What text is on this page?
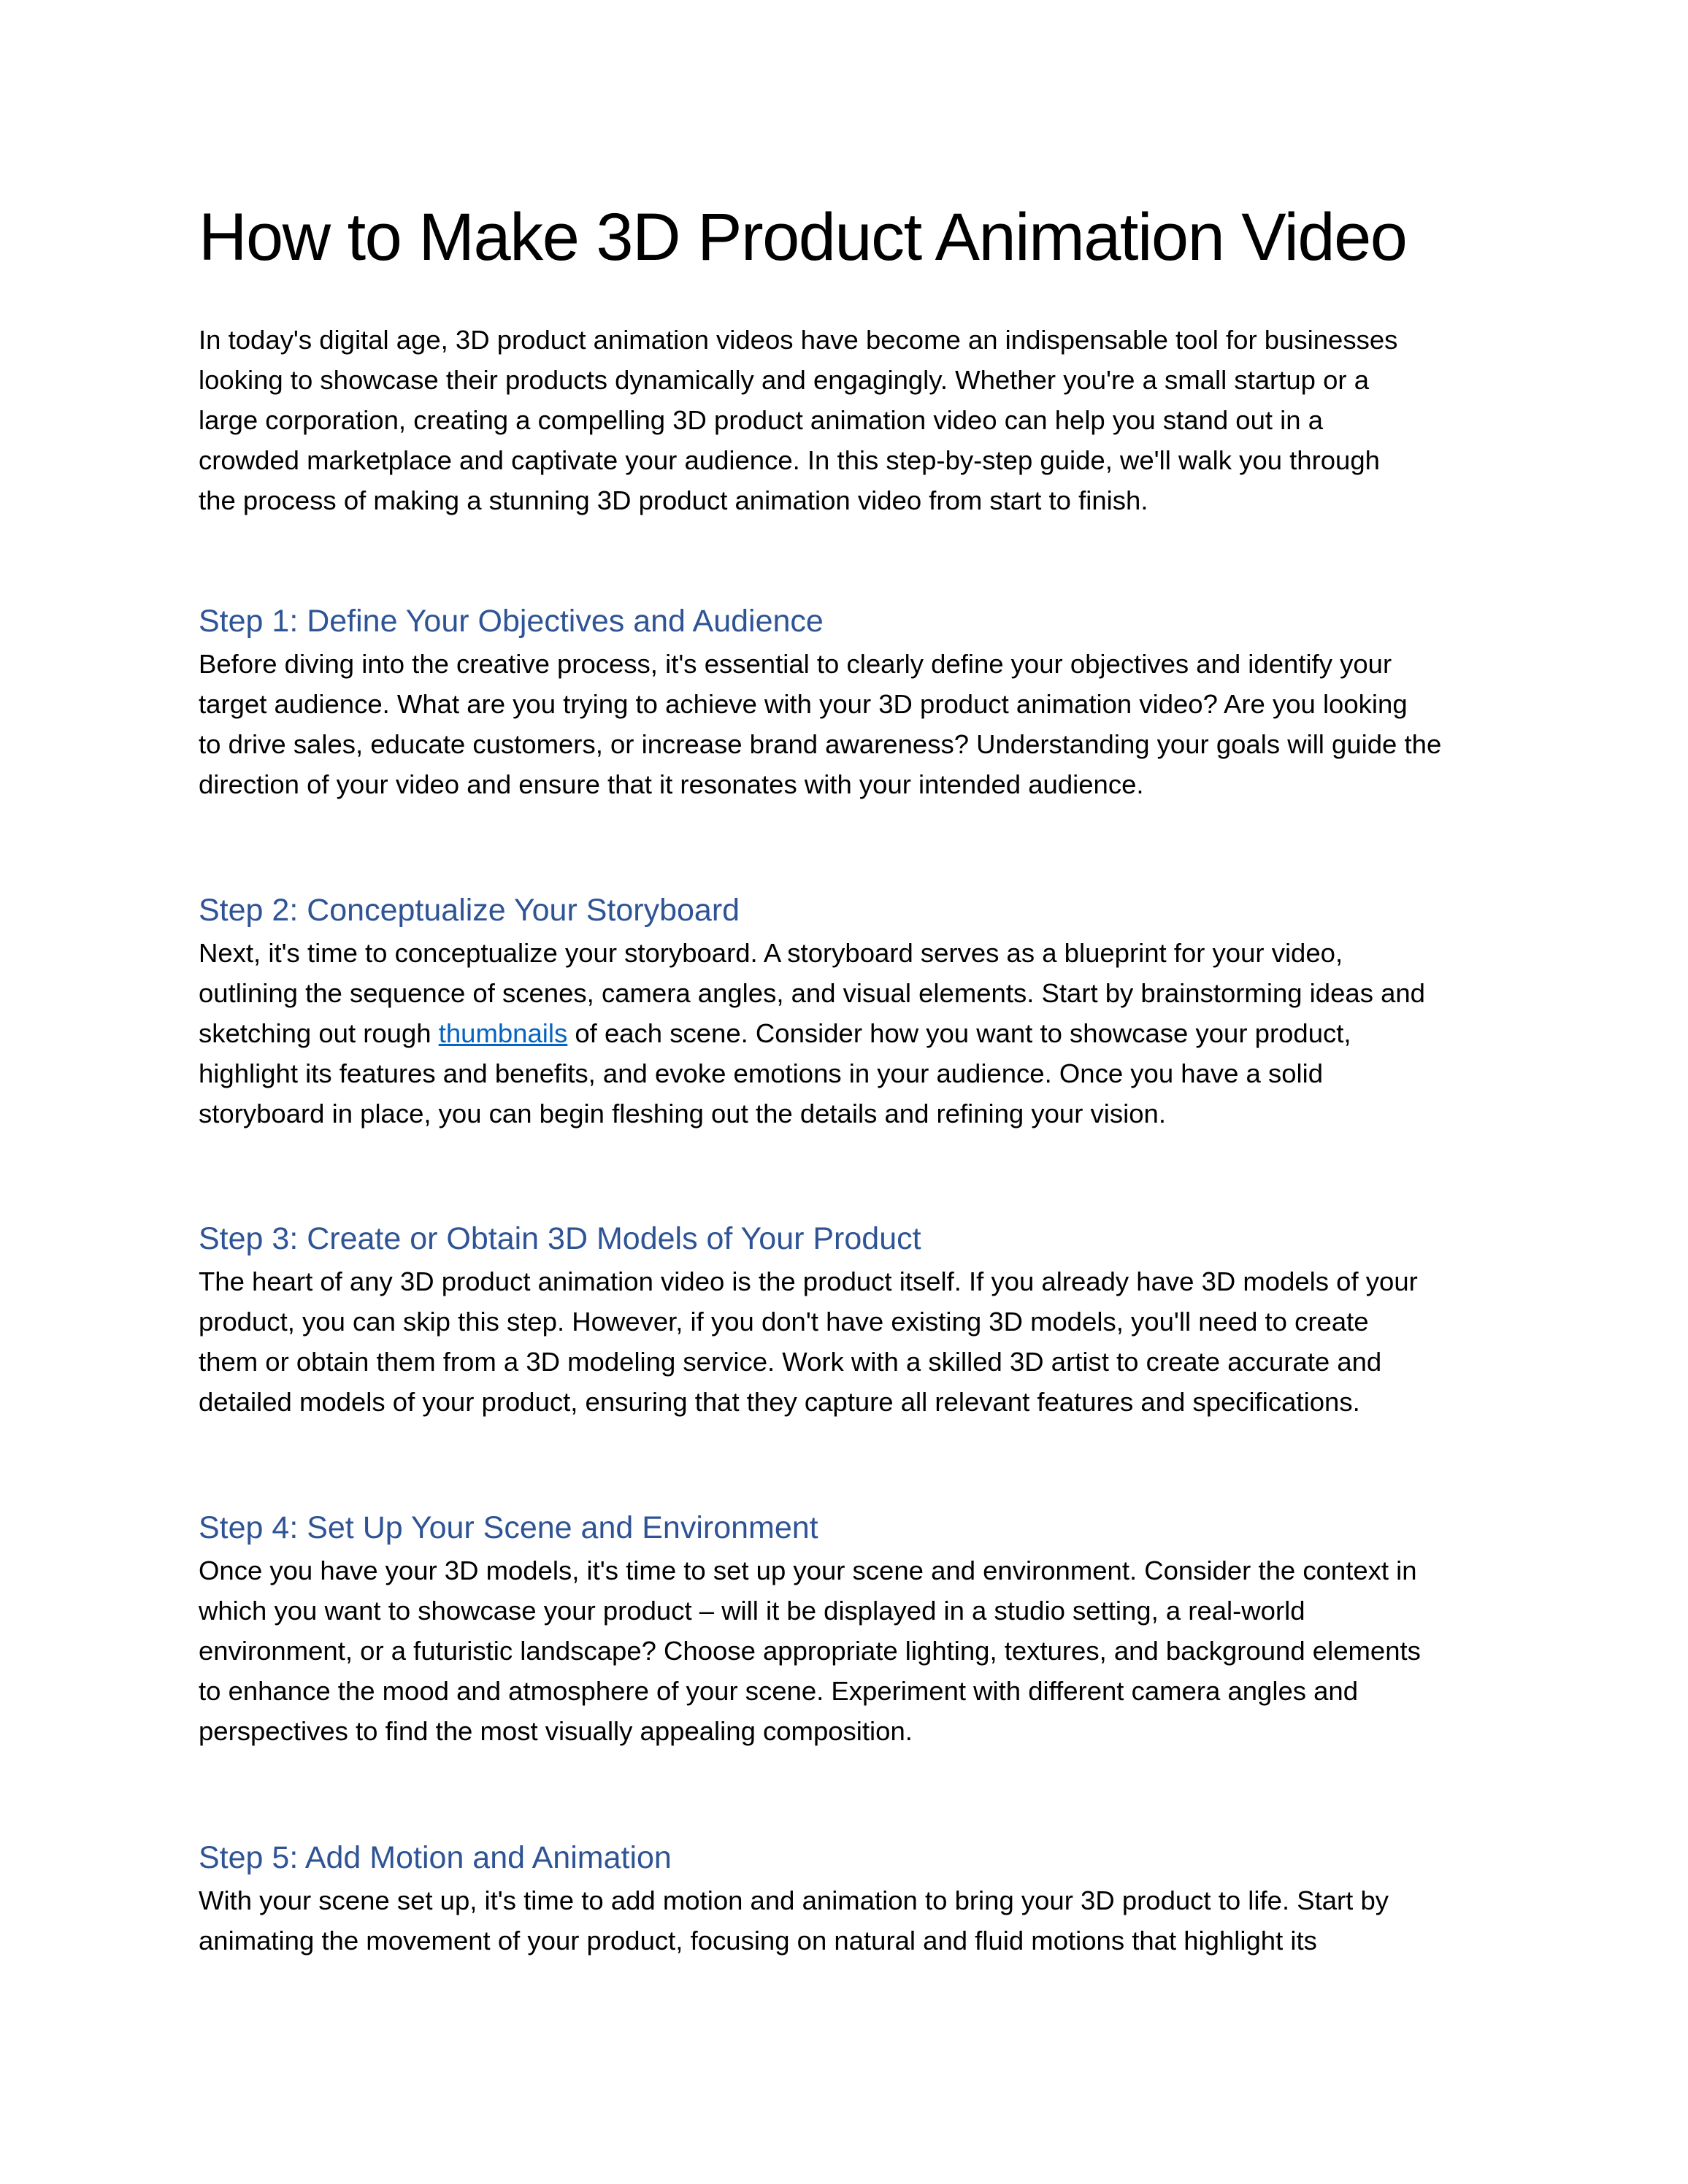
How to Make 3D Product Animation Video
In today's digital age, 3D product animation videos have become an indispensable tool for businesses
looking to showcase their products dynamically and engagingly. Whether you're a small startup or a
large corporation, creating a compelling 3D product animation video can help you stand out in a
crowded marketplace and captivate your audience. In this step-by-step guide, we'll walk you through
the process of making a stunning 3D product animation video from start to finish.
Step 1: Define Your Objectives and Audience
Before diving into the creative process, it's essential to clearly define your objectives and identify your
target audience. What are you trying to achieve with your 3D product animation video? Are you looking
to drive sales, educate customers, or increase brand awareness? Understanding your goals will guide the
direction of your video and ensure that it resonates with your intended audience.
Step 2: Conceptualize Your Storyboard
Next, it's time to conceptualize your storyboard. A storyboard serves as a blueprint for your video,
outlining the sequence of scenes, camera angles, and visual elements. Start by brainstorming ideas and
sketching out rough thumbnails of each scene. Consider how you want to showcase your product,
highlight its features and benefits, and evoke emotions in your audience. Once you have a solid
storyboard in place, you can begin fleshing out the details and refining your vision.
Step 3: Create or Obtain 3D Models of Your Product
The heart of any 3D product animation video is the product itself. If you already have 3D models of your
product, you can skip this step. However, if you don't have existing 3D models, you'll need to create
them or obtain them from a 3D modeling service. Work with a skilled 3D artist to create accurate and
detailed models of your product, ensuring that they capture all relevant features and specifications.
Step 4: Set Up Your Scene and Environment
Once you have your 3D models, it's time to set up your scene and environment. Consider the context in
which you want to showcase your product – will it be displayed in a studio setting, a real-world
environment, or a futuristic landscape? Choose appropriate lighting, textures, and background elements
to enhance the mood and atmosphere of your scene. Experiment with different camera angles and
perspectives to find the most visually appealing composition.
Step 5: Add Motion and Animation
With your scene set up, it's time to add motion and animation to bring your 3D product to life. Start by
animating the movement of your product, focusing on natural and fluid motions that highlight its
